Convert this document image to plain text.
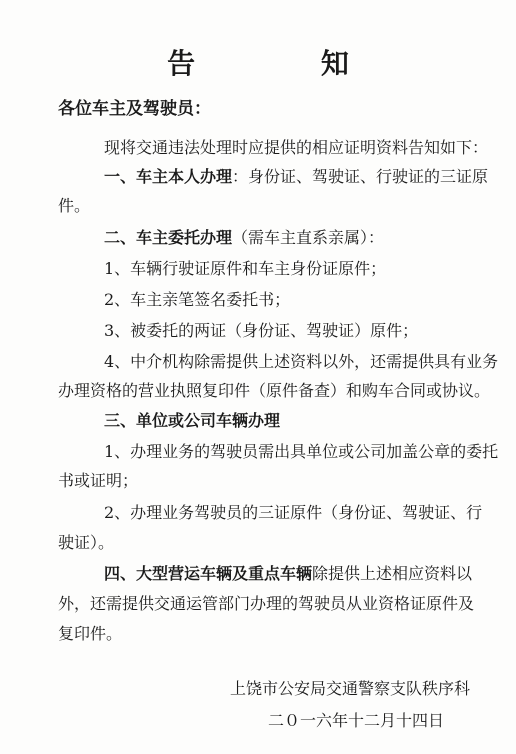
告 知
各位车主及驾驶员：
现将交通违法处理时应提供的相应证明资料告知如下：
一、车主本人办理：身份证、驾驶证、行驶证的三证原
件。
二、车主委托办理（需车主直系亲属）：
1、车辆行驶证原件和车主身份证原件；
2、车主亲笔签名委托书；
3、被委托的两证（身份证、驾驶证）原件；
4、中介机构除需提供上述资料以外，还需提供具有业务
办理资格的营业执照复印件（原件备查）和购车合同或协议。
三、单位或公司车辆办理
1、办理业务的驾驶员需出具单位或公司加盖公章的委托
书或证明；
2、办理业务驾驶员的三证原件（身份证、驾驶证、行
驶证）。
四、大型营运车辆及重点车辆除提供上述相应资料以
外，还需提供交通运管部门办理的驾驶员从业资格证原件及
复印件。
上饶市公安局交通警察支队秩序科
二０一六年十二月十四日
